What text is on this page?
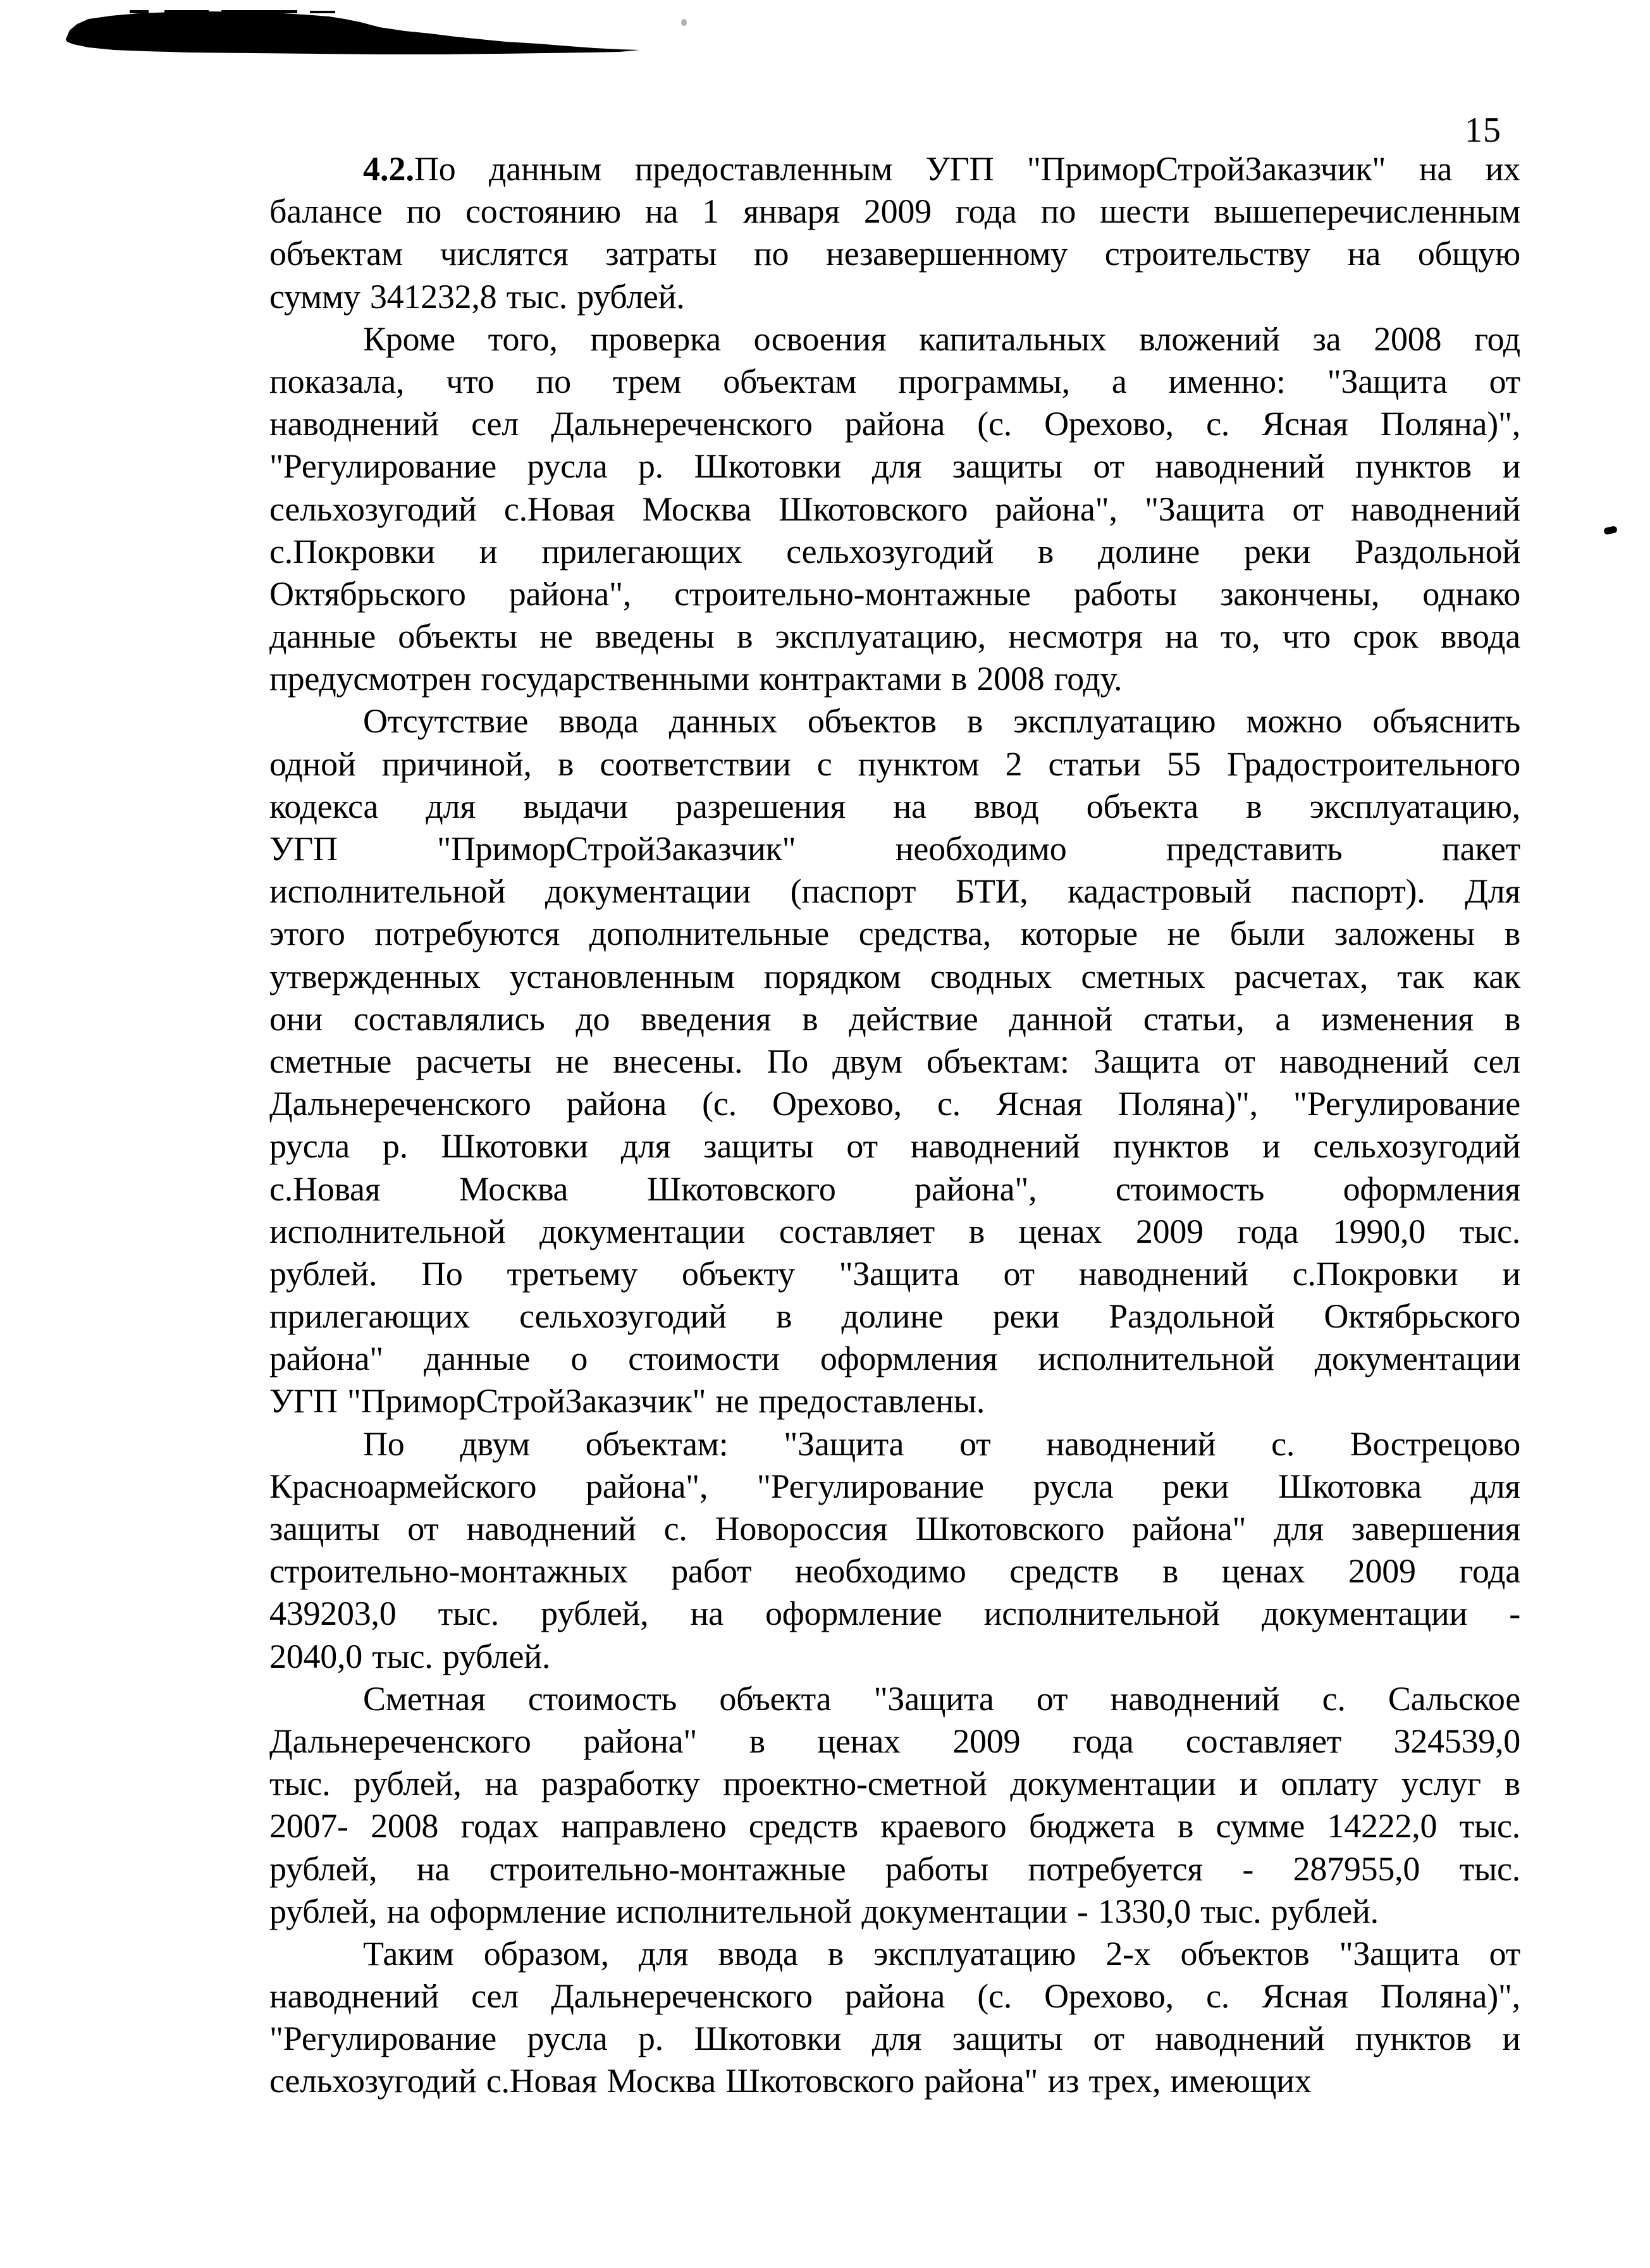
15
4.2.По данным предоставленным УГП "ПриморСтройЗаказчик" на их
балансе по состоянию на 1 января 2009 года по шести вышеперечисленным
объектам числятся затраты по незавершенному строительству на общую
сумму 341232,8 тыс. рублей.
Кроме того, проверка освоения капитальных вложений за 2008 год
показала, что по трем объектам программы, а именно: "Защита от
наводнений сел Дальнереченского района (с. Орехово, с. Ясная Поляна)",
"Регулирование русла р. Шкотовки для защиты от наводнений пунктов и
сельхозугодий с.Новая Москва Шкотовского района", "Защита от наводнений
с.Покровки и прилегающих сельхозугодий в долине реки Раздольной
Октябрьского района", строительно-монтажные работы закончены, однако
данные объекты не введены в эксплуатацию, несмотря на то, что срок ввода
предусмотрен государственными контрактами в 2008 году.
Отсутствие ввода данных объектов в эксплуатацию можно объяснить
одной причиной, в соответствии с пунктом 2 статьи 55 Градостроительного
кодекса для выдачи разрешения на ввод объекта в эксплуатацию,
УГП "ПриморСтройЗаказчик" необходимо представить пакет
исполнительной документации (паспорт БТИ, кадастровый паспорт). Для
этого потребуются дополнительные средства, которые не были заложены в
утвержденных установленным порядком сводных сметных расчетах, так как
они составлялись до введения в действие данной статьи, а изменения в
сметные расчеты не внесены. По двум объектам: Защита от наводнений сел
Дальнереченского района (с. Орехово, с. Ясная Поляна)", "Регулирование
русла р. Шкотовки для защиты от наводнений пунктов и сельхозугодий
с.Новая Москва Шкотовского района", стоимость оформления
исполнительной документации составляет в ценах 2009 года 1990,0 тыс.
рублей. По третьему объекту "Защита от наводнений с.Покровки и
прилегающих сельхозугодий в долине реки Раздольной Октябрьского
района" данные о стоимости оформления исполнительной документации
УГП "ПриморСтройЗаказчик" не предоставлены.
По двум объектам: "Защита от наводнений с. Вострецово
Красноармейского района", "Регулирование русла реки Шкотовка для
защиты от наводнений с. Новороссия Шкотовского района" для завершения
строительно-монтажных работ необходимо средств в ценах 2009 года
439203,0 тыс. рублей, на оформление исполнительной документации -
2040,0 тыс. рублей.
Сметная стоимость объекта "Защита от наводнений с. Сальское
Дальнереченского района" в ценах 2009 года составляет 324539,0
тыс. рублей, на разработку проектно-сметной документации и оплату услуг в
2007- 2008 годах направлено средств краевого бюджета в сумме 14222,0 тыс.
рублей, на строительно-монтажные работы потребуется - 287955,0 тыс.
рублей, на оформление исполнительной документации - 1330,0 тыс. рублей.
Таким образом, для ввода в эксплуатацию 2-х объектов "Защита от
наводнений сел Дальнереченского района (с. Орехово, с. Ясная Поляна)",
"Регулирование русла р. Шкотовки для защиты от наводнений пунктов и
сельхозугодий с.Новая Москва Шкотовского района" из трех, имеющих
